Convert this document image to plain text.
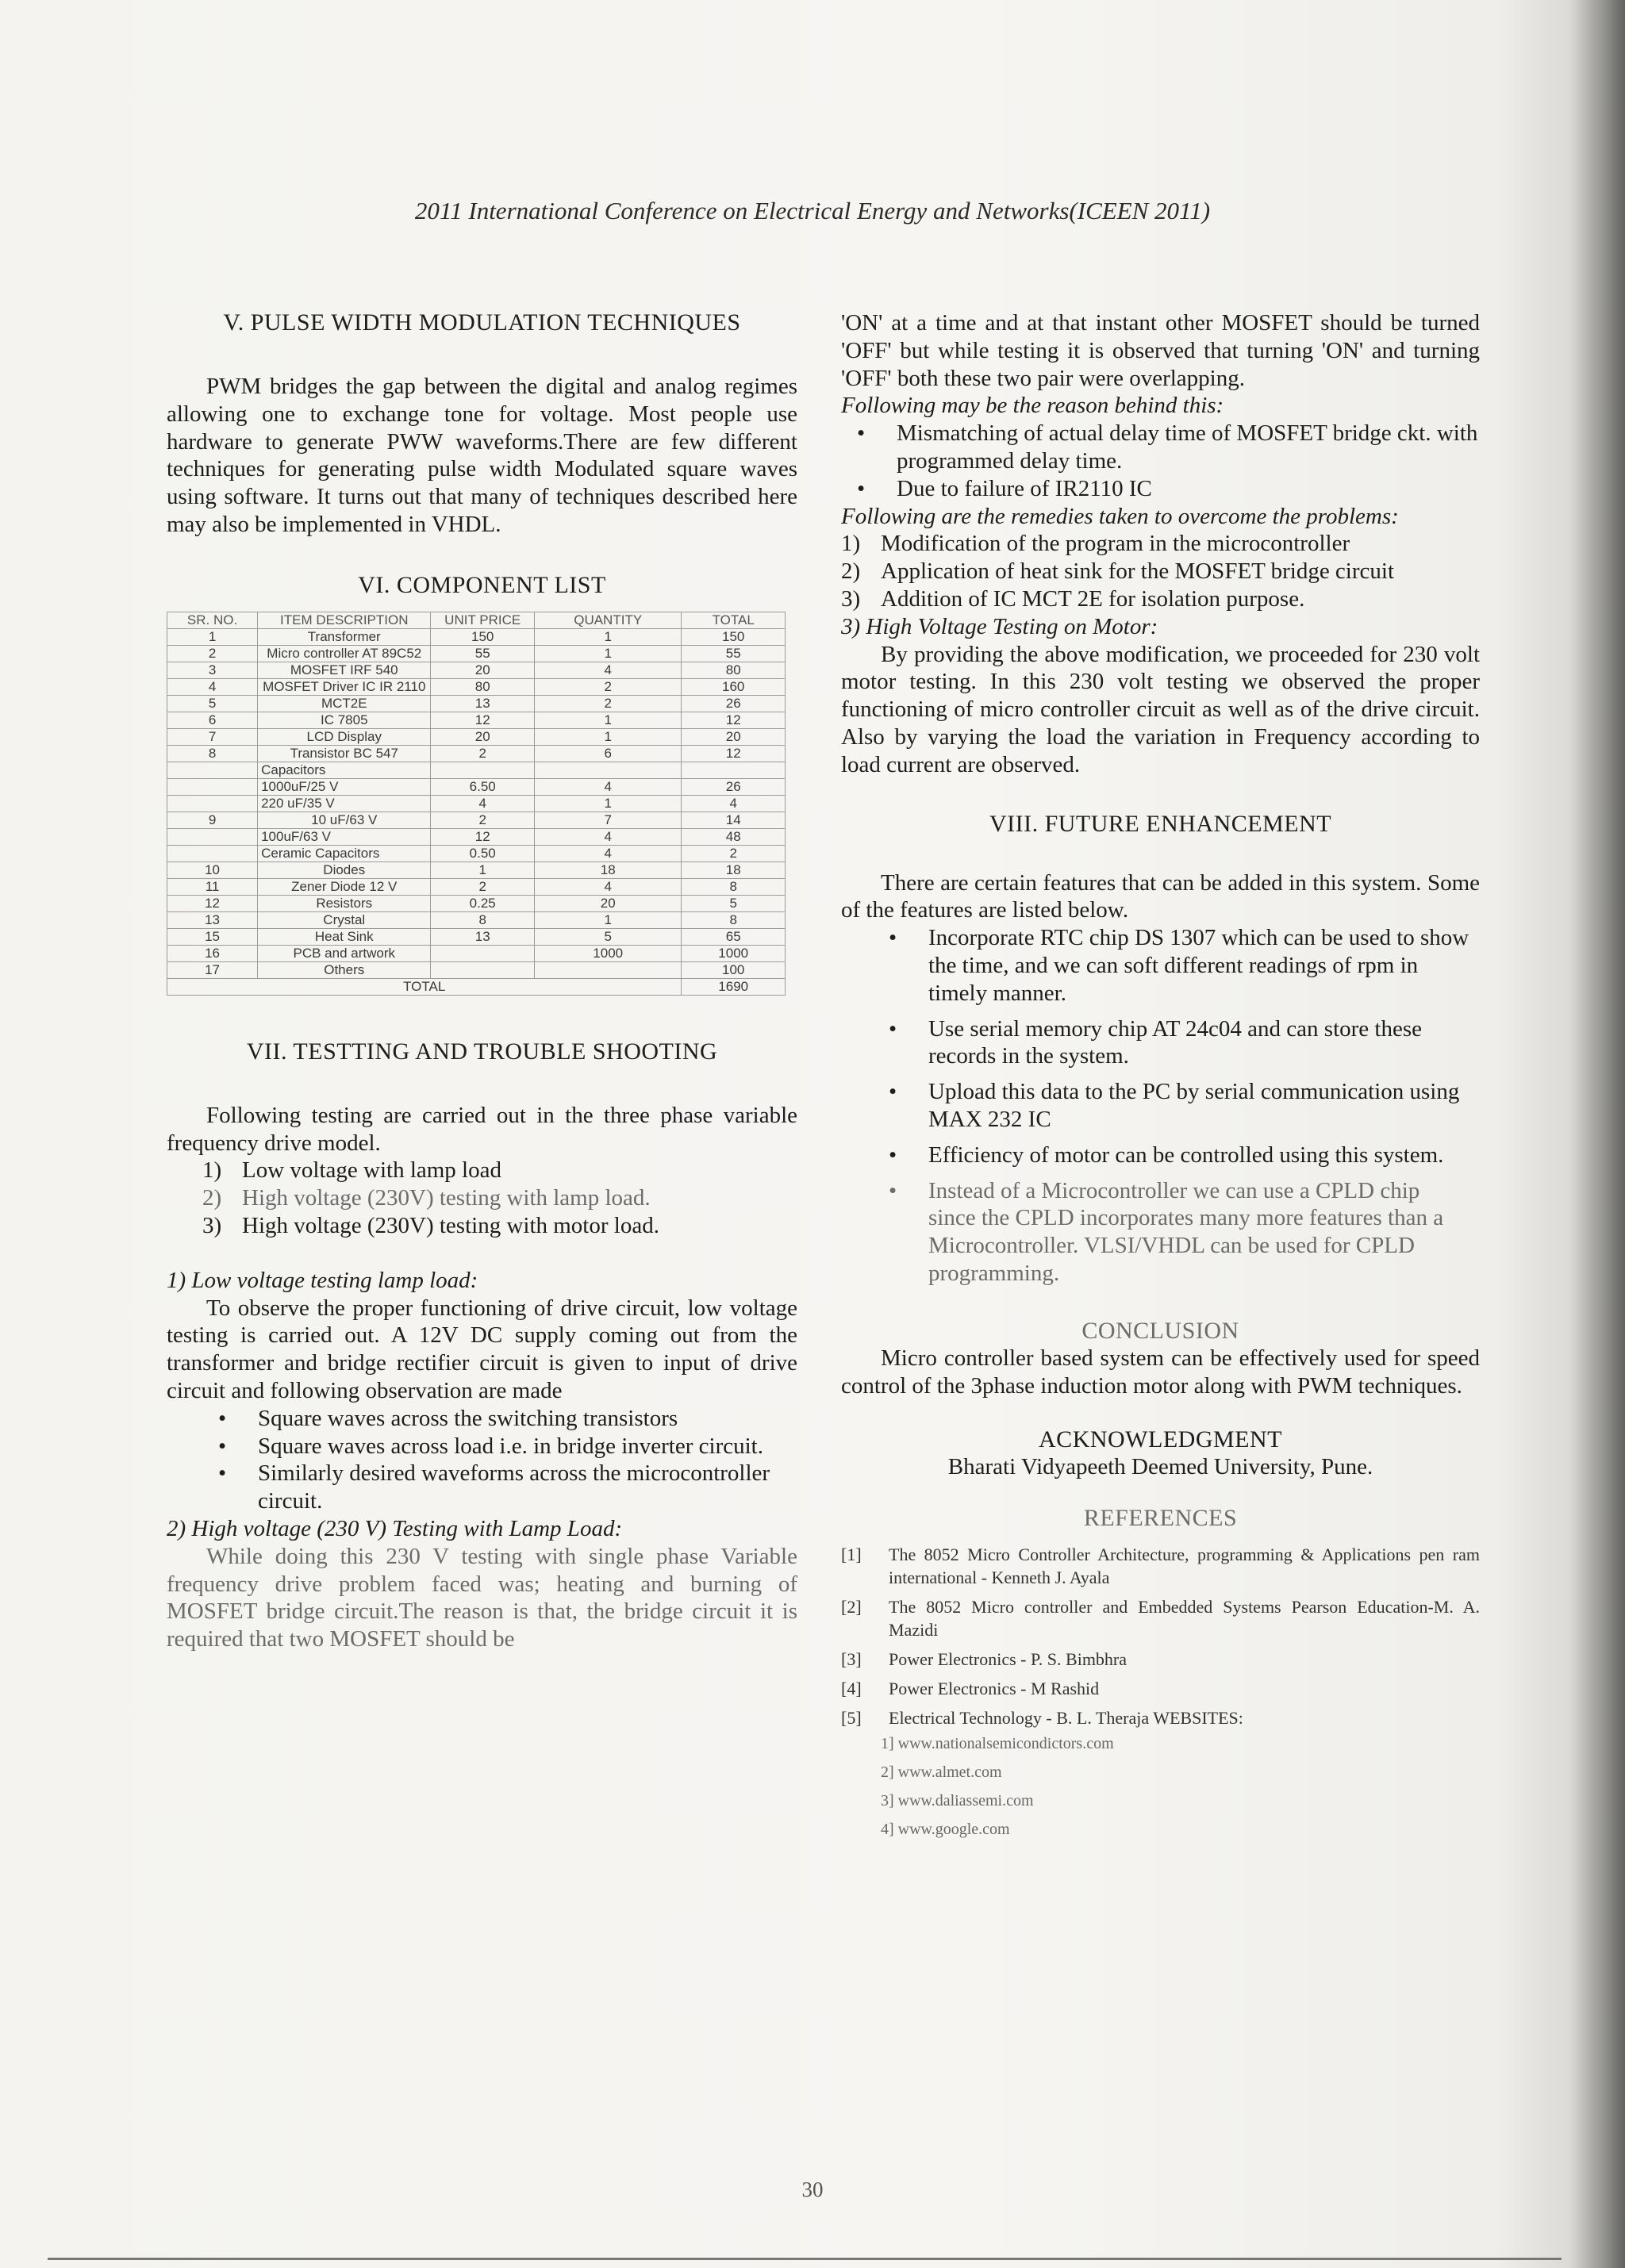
2011 International Conference on Electrical Energy and Networks(ICEEN 2011)
V. PULSE WIDTH MODULATION TECHNIQUES

PWM bridges the gap between the digital and analog regimes allowing one to exchange tone for voltage. Most people use hardware to generate PWW waveforms.There are few different techniques for generating pulse width Modulated square waves using software. It turns out that many of techniques described here may also be implemented in VHDL.

VI. COMPONENT LIST
SR. NO.	ITEM DESCRIPTION	UNIT PRICE	QUANTITY	TOTAL
1	Transformer	150	1	150
2	Micro controller AT 89C52	55	1	55
3	MOSFET IRF 540	20	4	80
4	MOSFET Driver IC IR 2110	80	2	160
5	MCT2E	13	2	26
6	IC 7805	12	1	12
7	LCD Display	20	1	20
8	Transistor BC 547	2	6	12
	Capacitors			
	1000uF/25 V	6.50	4	26
	220 uF/35 V	4	1	4
9	10 uF/63 V	2	7	14
	100uF/63 V	12	4	48
	Ceramic Capacitors	0.50	4	2
10	Diodes	1	18	18
11	Zener Diode 12 V	2	4	8
12	Resistors	0.25	20	5
13	Crystal	8	1	8
15	Heat Sink	13	5	65
16	PCB and artwork		1000	1000
17	Others			100
TOTAL				1690
VII. TESTTING AND TROUBLE SHOOTING

Following testing are carried out in the three phase variable frequency drive model.

1) Low voltage with lamp load
2) High voltage (230V) testing with lamp load.
3) High voltage (230V) testing with motor load.
1) Low voltage testing lamp load:

To observe the proper functioning of drive circuit, low voltage testing is carried out. A 12V DC supply coming out from the transformer and bridge rectifier circuit is given to input of drive circuit and following observation are made

• Square waves across the switching transistors
• Square waves across load i.e. in bridge inverter circuit.
• Similarly desired waveforms across the microcontroller circuit.
2) High voltage (230 V) Testing with Lamp Load:

While doing this 230 V testing with single phase Variable frequency drive problem faced was; heating and burning of MOSFET bridge circuit.The reason is that, the bridge circuit it is required that two MOSFET should be

'ON' at a time and at that instant other MOSFET should be turned 'OFF' but while testing it is observed that turning 'ON' and turning 'OFF' both these two pair were overlapping.

Following may be the reason behind this:
• Mismatching of actual delay time of MOSFET bridge ckt. with programmed delay time.
• Due to failure of IR2110 IC
Following are the remedies taken to overcome the problems:
1) Modification of the program in the microcontroller
2) Application of heat sink for the MOSFET bridge circuit
3) Addition of IC MCT 2E for isolation purpose.
3) High Voltage Testing on Motor:

By providing the above modification, we proceeded for 230 volt motor testing. In this 230 volt testing we observed the proper functioning of micro controller circuit as well as of the drive circuit. Also by varying the load the variation in Frequency according to load current are observed.

VIII. FUTURE ENHANCEMENT

There are certain features that can be added in this system. Some of the features are listed below.

• Incorporate RTC chip DS 1307 which can be used to show the time, and we can soft different readings of rpm in timely manner.
• Use serial memory chip AT 24c04 and can store these records in the system.
• Upload this data to the PC by serial communication using MAX 232 IC
• Efficiency of motor can be controlled using this system.
• Instead of a Microcontroller we can use a CPLD chip since the CPLD incorporates many more features than a Microcontroller. VLSI/VHDL can be used for CPLD programming.
CONCLUSION

Micro controller based system can be effectively used for speed control of the 3phase induction motor along with PWM techniques.

ACKNOWLEDGMENT

Bharati Vidyapeeth Deemed University, Pune.

REFERENCES
[1] The 8052 Micro Controller Architecture, programming & Applications pen ram international - Kenneth J. Ayala
[2] The 8052 Micro controller and Embedded Systems Pearson Education-M. A. Mazidi
[3] Power Electronics - P. S. Bimbhra
[4] Power Electronics - M Rashid
[5] Electrical Technology - B. L. Theraja WEBSITES:
1] www.nationalsemicondictors.com
2] www.almet.com
3] www.daliassemi.com
4] www.google.com
30
